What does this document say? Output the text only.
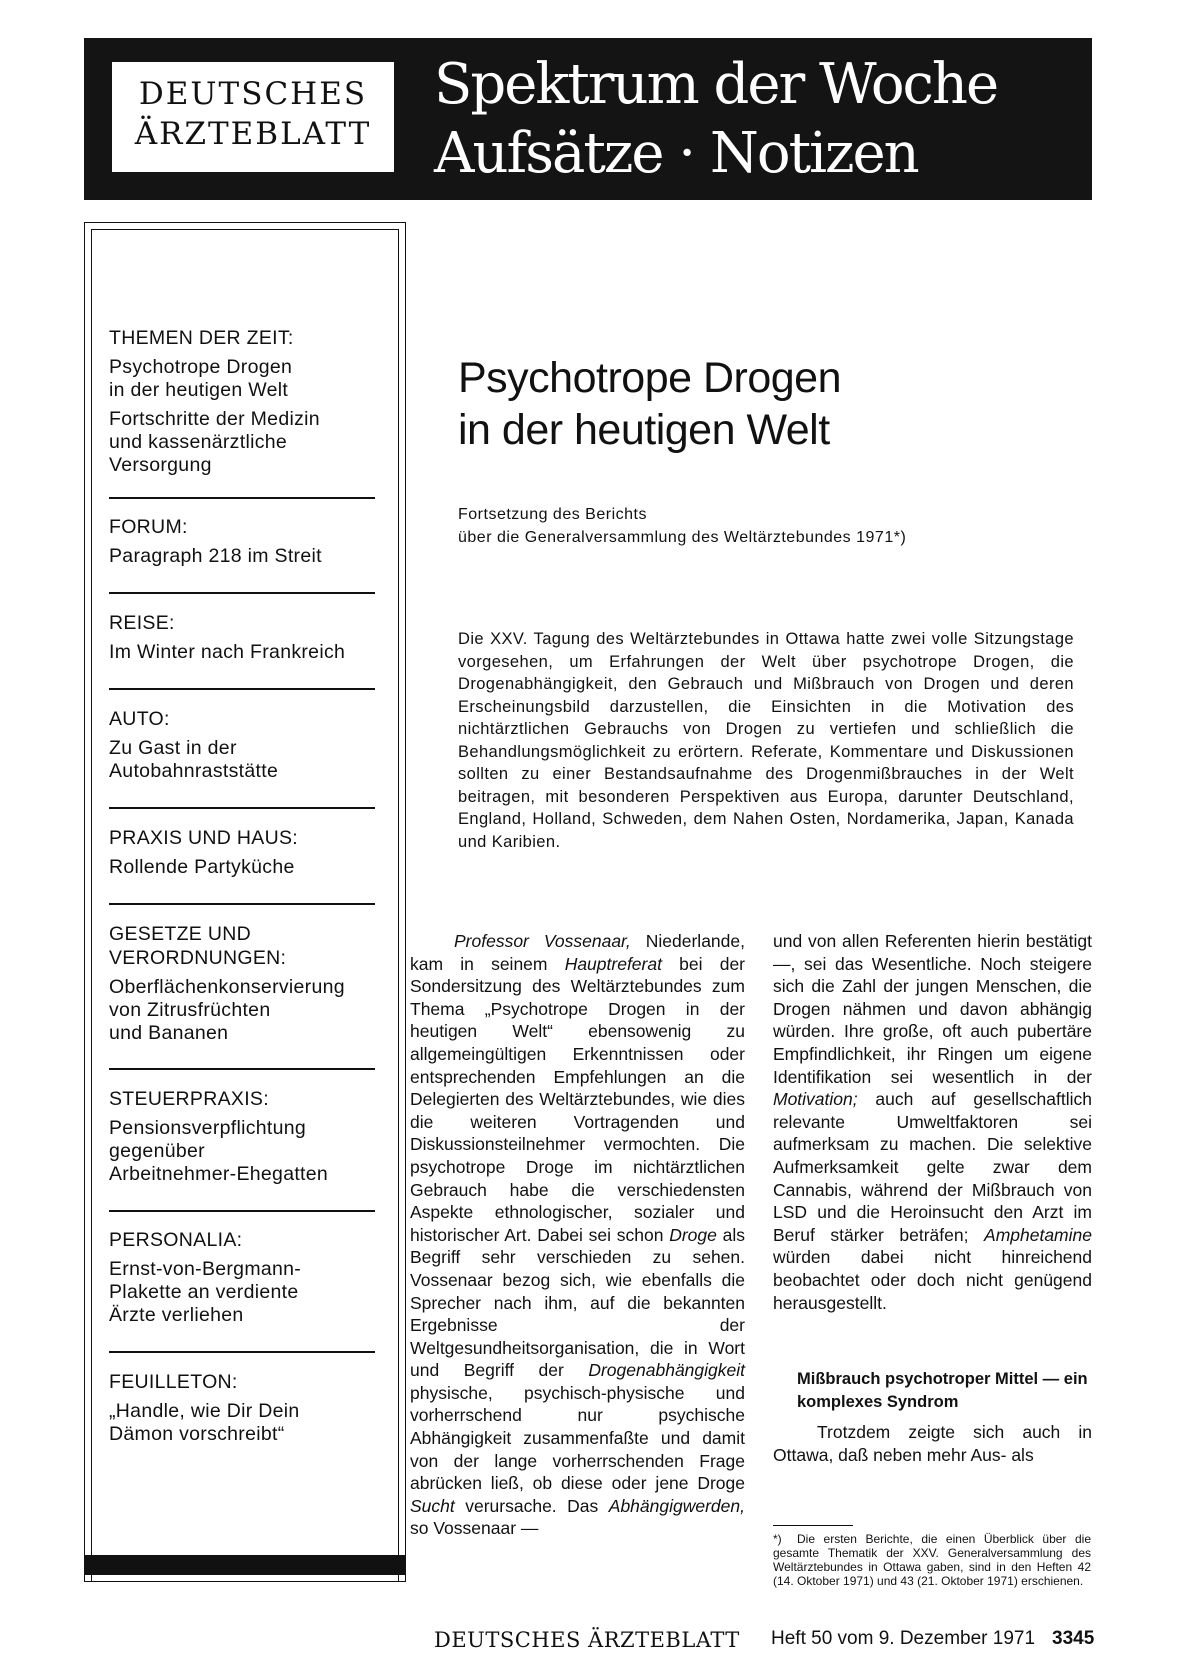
DEUTSCHES
ÄRZTEBLATT
Spektrum der Woche
Aufsätze · Notizen

THEMEN DER ZEIT:

Psychotrope Drogen
in der heutigen Welt

Fortschritte der Medizin
und kassenärztliche
Versorgung

FORUM:

Paragraph 218 im Streit

REISE:

Im Winter nach Frankreich

AUTO:

Zu Gast in der
Autobahnraststätte

PRAXIS UND HAUS:

Rollende Partyküche

GESETZE UND
VERORDNUNGEN:

Oberflächenkonservierung
von Zitrusfrüchten
und Bananen

STEUERPRAXIS:

Pensionsverpflichtung
gegenüber
Arbeitnehmer-Ehegatten

PERSONALIA:

Ernst-von-Bergmann-
Plakette an verdiente
Ärzte verliehen

FEUILLETON:

„Handle, wie Dir Dein
Dämon vorschreibt“

Psychotrope Drogen
in der heutigen Welt
Fortsetzung des Berichts
über die Generalversammlung des Weltärztebundes 1971*)

Die XXV. Tagung des Weltärztebundes in Ottawa hatte zwei volle Sitzungstage vorgesehen, um Erfahrungen der Welt über psychotrope Drogen, die Drogenabhängigkeit, den Gebrauch und Mißbrauch von Drogen und deren Erscheinungsbild darzustellen, die Einsichten in die Motivation des nichtärztlichen Gebrauchs von Drogen zu vertiefen und schließlich die Behandlungsmöglichkeit zu erörtern. Referate, Kommentare und Diskussionen sollten zu einer Bestandsaufnahme des Drogenmißbrauches in der Welt beitragen, mit besonderen Perspektiven aus Europa, darunter Deutschland, England, Holland, Schweden, dem Nahen Osten, Nordamerika, Japan, Kanada und Karibien.

Professor Vossenaar, Niederlande, kam in seinem Hauptreferat bei der Sondersitzung des Weltärztebundes zum Thema „Psychotrope Drogen in der heutigen Welt“ ebensowenig zu allgemeingültigen Erkenntnissen oder entsprechenden Empfehlungen an die Delegierten des Weltärztebundes, wie dies die weiteren Vortragenden und Diskussionsteilnehmer vermochten. Die psychotrope Droge im nichtärztlichen Gebrauch habe die verschiedensten Aspekte ethnologischer, sozialer und historischer Art. Dabei sei schon Droge als Begriff sehr verschieden zu sehen. Vossenaar bezog sich, wie ebenfalls die Sprecher nach ihm, auf die bekannten Ergebnisse der Weltgesundheitsorganisation, die in Wort und Begriff der Drogenabhängigkeit physische, psychisch-physische und vorherrschend nur psychische Abhängigkeit zusammenfaßte und damit von der lange vorherrschenden Frage abrücken ließ, ob diese oder jene Droge Sucht verursache. Das Abhängigwerden, so Vossenaar —

und von allen Referenten hierin bestätigt —, sei das Wesentliche. Noch steigere sich die Zahl der jungen Menschen, die Drogen nähmen und davon abhängig würden. Ihre große, oft auch pubertäre Empfindlichkeit, ihr Ringen um eigene Identifikation sei wesentlich in der Motivation; auch auf gesellschaftlich relevante Umweltfaktoren sei aufmerksam zu machen. Die selektive Aufmerksamkeit gelte zwar dem Cannabis, während der Mißbrauch von LSD und die Heroinsucht den Arzt im Beruf stärker beträfen; Amphetamine würden dabei nicht hinreichend beobachtet oder doch nicht genügend herausgestellt.

Mißbrauch psychotroper Mittel — ein komplexes Syndrom

Trotzdem zeigte sich auch in Ottawa, daß neben mehr Aus- als

*) Die ersten Berichte, die einen Überblick über die gesamte Thematik der XXV. Generalversammlung des Weltärztebundes in Ottawa gaben, sind in den Heften 42 (14. Oktober 1971) und 43 (21. Oktober 1971) erschienen.

DEUTSCHES ÄRZTEBLATT Heft 50 vom 9. Dezember 1971 3345
